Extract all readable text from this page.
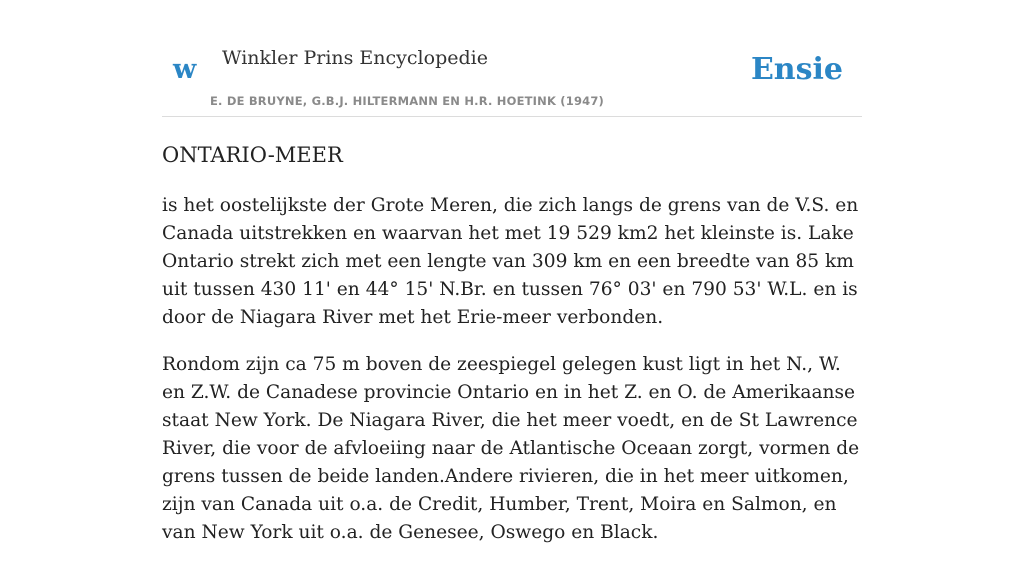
w Winkler Prins Encyclopedie
E. DE BRUYNE, G.B.J. HILTERMANN EN H.R. HOETINK (1947)
Ensie
ONTARIO-MEER

is het oostelijkste der Grote Meren, die zich langs de grens van de V.S. en Canada uitstrekken en waarvan het met 19 529 km2 het kleinste is. Lake Ontario strekt zich met een lengte van 309 km en een breedte van 85 km uit tussen 430 11' en 44° 15' N.Br. en tussen 76° 03' en 790 53' W.L. en is door de Niagara River met het Erie-meer verbonden.

Rondom zijn ca 75 m boven de zeespiegel gelegen kust ligt in het N., W. en Z.W. de Canadese provincie Ontario en in het Z. en O. de Amerikaanse staat New York. De Niagara River, die het meer voedt, en de St Lawrence River, die voor de afvloeiing naar de Atlantische Oceaan zorgt, vormen de grens tussen de beide landen.Andere rivieren, die in het meer uitkomen, zijn van Canada uit o.a. de Credit, Humber, Trent, Moira en Salmon, en van New York uit o.a. de Genesee, Oswego en Black.
